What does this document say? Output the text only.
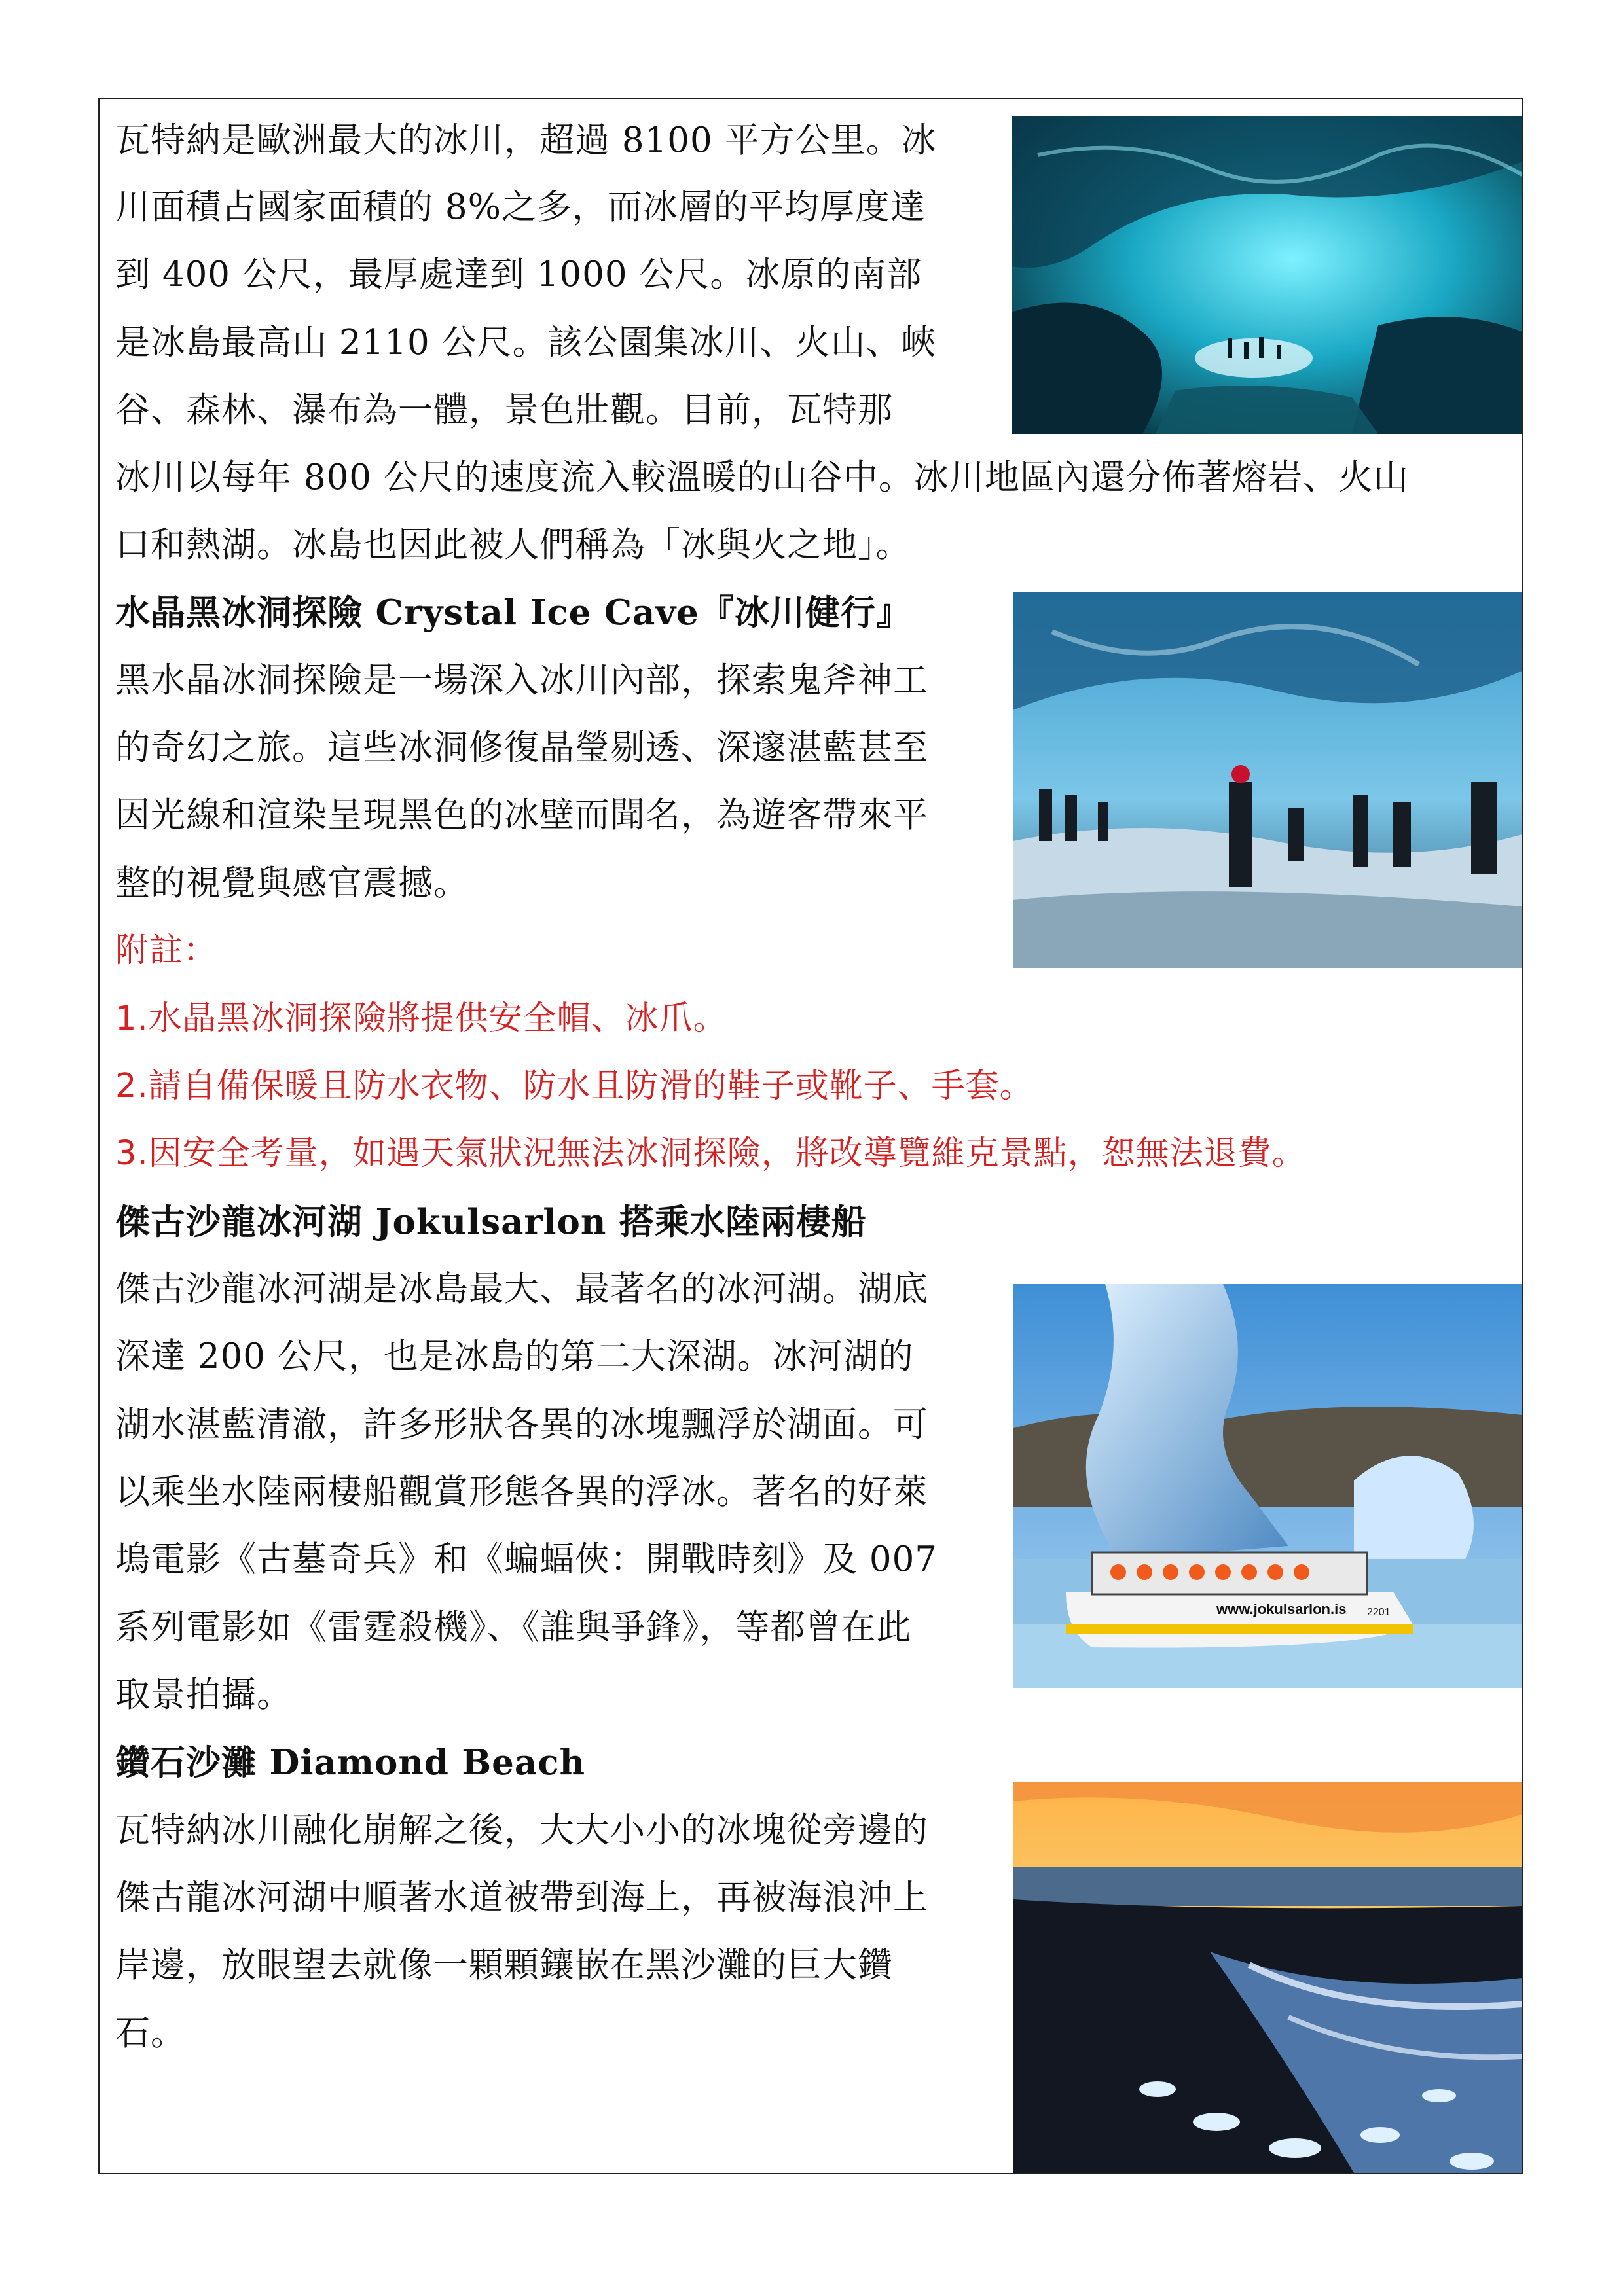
瓦特納是歐洲最大的冰川，超過 8100 平方公里。冰
川面積占國家面積的 8%之多，而冰層的平均厚度達
到 400 公尺，最厚處達到 1000 公尺。冰原的南部
是冰島最高山 2110 公尺。該公園集冰川、火山、峽
谷、森林、瀑布為一體，景色壯觀。目前，瓦特那
冰川以每年 800 公尺的速度流入較溫暖的山谷中。冰川地區內還分佈著熔岩、火山
口和熱湖。冰島也因此被人們稱為「冰與火之地」。
水晶黑冰洞探險 Crystal Ice Cave『冰川健行』
黑水晶冰洞探險是一場深入冰川內部，探索鬼斧神工
的奇幻之旅。這些冰洞修復晶瑩剔透、深邃湛藍甚至
因光線和渲染呈現黑色的冰壁而聞名，為遊客帶來平
整的視覺與感官震撼。
附註：
1.水晶黑冰洞探險將提供安全帽、冰爪。
2.請自備保暖且防水衣物、防水且防滑的鞋子或靴子、手套。
3.因安全考量，如遇天氣狀況無法冰洞探險，將改導覽維克景點，恕無法退費。
傑古沙龍冰河湖 Jokulsarlon 搭乘水陸兩棲船
傑古沙龍冰河湖是冰島最大、最著名的冰河湖。湖底
深達 200 公尺，也是冰島的第二大深湖。冰河湖的
湖水湛藍清澈，許多形狀各異的冰塊飄浮於湖面。可
以乘坐水陸兩棲船觀賞形態各異的浮冰。著名的好萊
塢電影《古墓奇兵》和《蝙蝠俠：開戰時刻》及 007
系列電影如《雷霆殺機》、《誰與爭鋒》，等都曾在此
取景拍攝。
鑽石沙灘 Diamond Beach
瓦特納冰川融化崩解之後，大大小小的冰塊從旁邊的
傑古龍冰河湖中順著水道被帶到海上，再被海浪沖上
岸邊，放眼望去就像一顆顆鑲嵌在黑沙灘的巨大鑽
石。
www.jokulsarlon.is 2201
